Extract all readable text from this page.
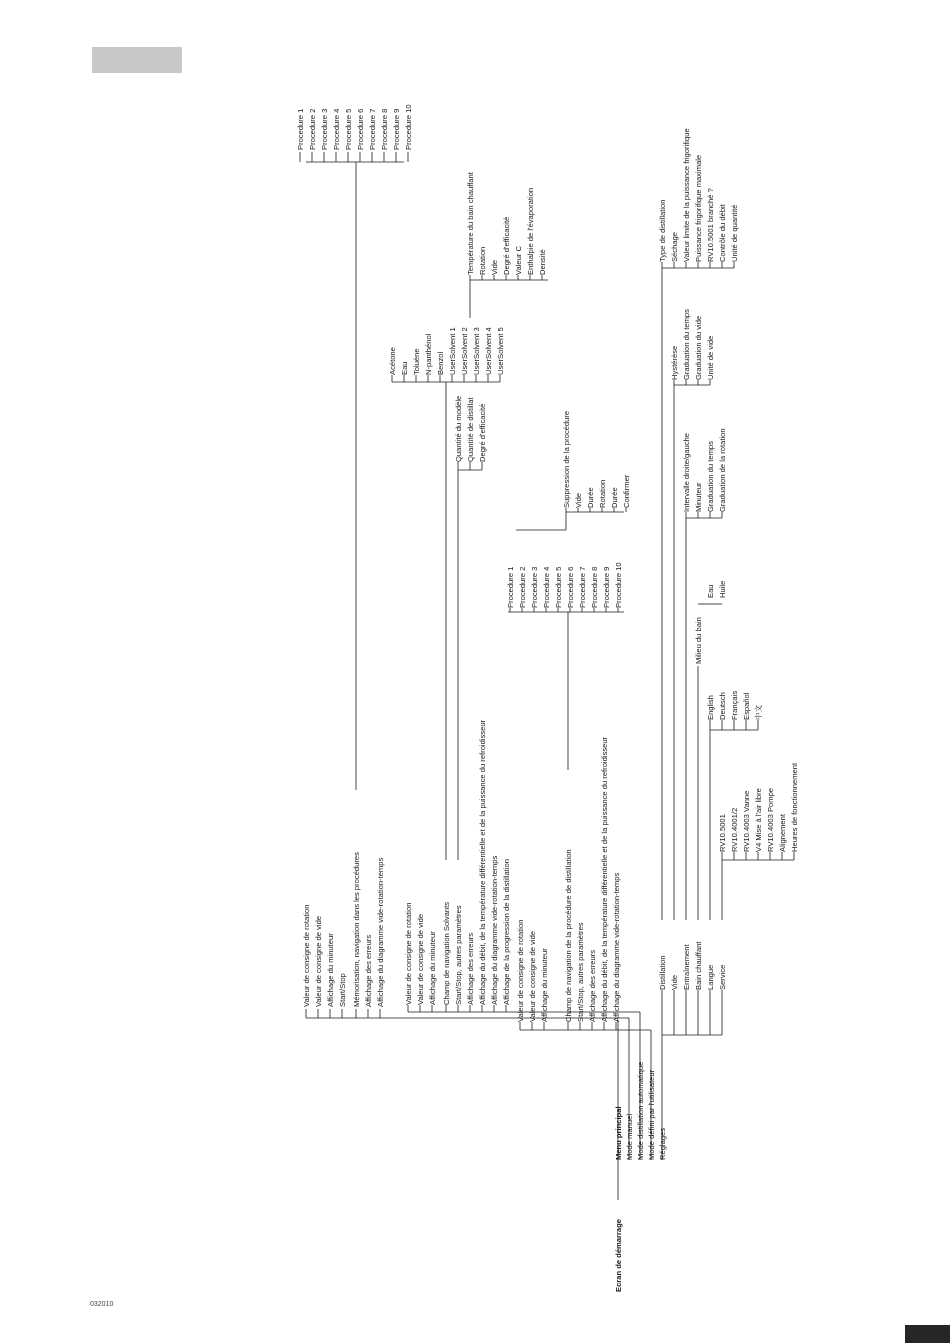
032010
Ecran de démarrage
Menu principal Mode manuel Mode distillation automatique Mode défini par l'utilisateur Réglages
Valeur de consigne de rotation Valeur de consigne de vide Affichage du minuteur Start/Stop Mémorisation, navigation dans les procédures Affichage des erreurs Affichage du diagramme vide-rotation-temps
Procedure 1 Procedure 2 Procedure 3 Procedure 4 Procedure 5 Procedure 6 Procedure 7 Procedure 8 Procedure 9 Procedure 10
Valeur de consigne de rotation Valeur de consigne de vide Affichage du minuteur Champ de navigation Solvants Start/Stop, autres paramètres Affichage des erreurs Affichage du débit, de la température différentielle et de la puissance du refroidisseur Affichage du diagramme vide-rotation-temps Affichage de la progression de la distillation
Acétone Eau Toluène N-panthénol Benzol UserSolvent 1 UserSolvent 2 UserSolvent 3 UserSolvent 4 UserSolvent 5
Température du bain chauffant Rotation Vide Degré d'efficacité Valeur C Enthalpie de l'évaporation Densité
Quantité du modèle Quantité de distillat Degré d'efficacité
Valeur de consigne de rotation Valeur de consigne de vide Affichage du minuteur Champ de navigation de la procédure de distillation Start/Stop, autres paramètres Affichage des erreurs Affichage du débit, de la température différentielle et de la puissance du refroidisseur Affichage du diagramme vide-rotation-temps
Procedure 1 Procedure 2 Procedure 3 Procedure 4 Procedure 5 Procedure 6 Procedure 7 Procedure 8 Procedure 9 Procedure 10
Suppression de la procédure Vide Durée Rotation Durée Confirmer
Distillation Vide Entraînement Bain chauffant Langue Service
Type de distillation Séchage Valeur limite de la puissance frigorifique Puissance frigorifique maximale RV10.5001 branché ? Contrôle du débit Unité de quantité
Hystérèse Graduation du temps Graduation du vide Unité de vide
Intervalle droite/gauche Minuteur Graduation du temps Graduation de la rotation
Milieu du bain
Eau Huile
English Deutsch Français Español 中文
RV10.5001 RV10.4001/2 RV10.4003 Vanne V4 Mise à l'air libre RV10.4003 Pompe Alignement Heures de fonctionnement
